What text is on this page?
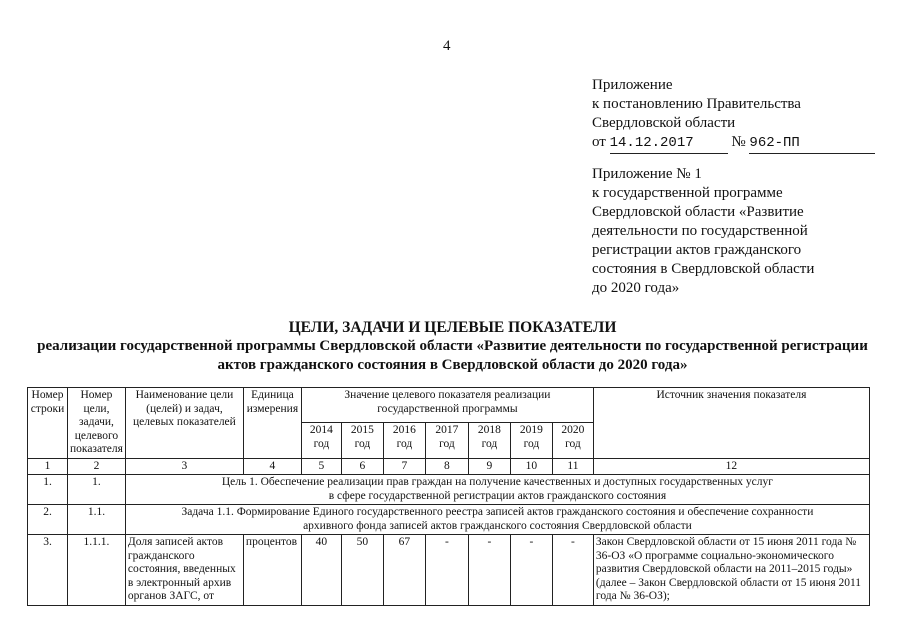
4
Приложение
к постановлению Правительства
Свердловской области
от 14.12.2017	№ 962-ПП
Приложение № 1
к государственной программе
Свердловской области «Развитие
деятельности по государственной
регистрации актов гражданского
состояния в Свердловской области
до 2020 года»
ЦЕЛИ, ЗАДАЧИ И ЦЕЛЕВЫЕ ПОКАЗАТЕЛИ
реализации государственной программы Свердловской области «Развитие деятельности по государственной регистрации
актов гражданского состояния в Свердловской области до 2020 года»
Номер строки	Номер цели, задачи, целевого показателя	Наименование цели (целей) и задач, целевых показателей	Единица измерения	Значение целевого показателя реализации государственной программы							Источник значения показателя
				2014 год	2015 год	2016 год	2017 год	2018 год	2019 год	2020 год	
1	2	3	4	5	6	7	8	9	10	11	12
1.	1.	Цель 1. Обеспечение реализации прав граждан на получение качественных и доступных государственных услуг
в сфере государственной регистрации актов гражданского состояния									

2.	1.1.	Задача 1.1. Формирование Единого государственного реестра записей актов гражданского состояния и обеспечение сохранности
архивного фонда записей актов гражданского состояния Свердловской области									

3.	1.1.1.	Доля записей актов гражданского состояния, введенных в электронный архив органов ЗАГС, от	процентов	40	50	67	-	-	-	-	Закон Свердловской области от 15 июня 2011 года № 36-ОЗ «О программе социально-экономического развития Свердловской области на 2011–2015 годы» (далее – Закон Свердловской области от 15 июня 2011 года № 36-ОЗ);
